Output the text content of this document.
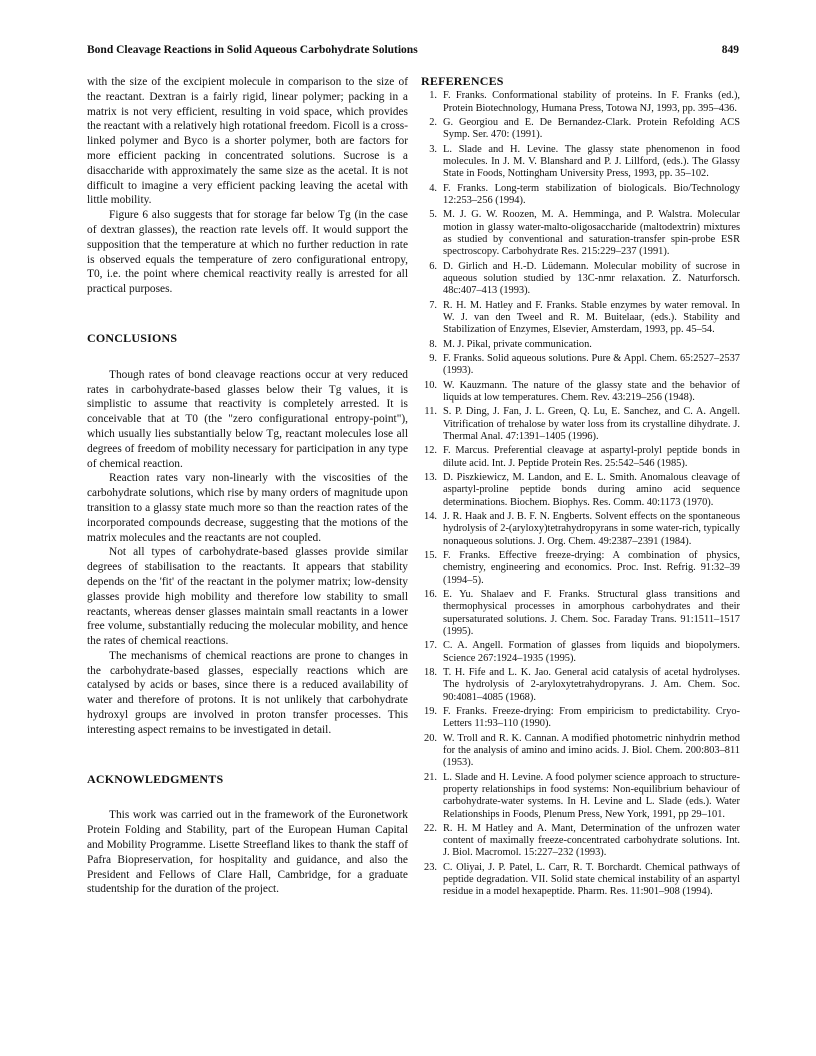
Bond Cleavage Reactions in Solid Aqueous Carbohydrate Solutions	849

with the size of the excipient molecule in comparison to the size of the reactant. Dextran is a fairly rigid, linear polymer; packing in a matrix is not very efficient, resulting in void space, which provides the reactant with a relatively high rotational freedom. Ficoll is a cross-linked polymer and Byco is a shorter polymer, both are factors for more efficient packing in concentrated solutions. Sucrose is a disaccharide with approximately the same size as the acetal. It is not difficult to imagine a very efficient packing leaving the acetal with little mobility.

Figure 6 also suggests that for storage far below Tg (in the case of dextran glasses), the reaction rate levels off. It would support the supposition that the temperature at which no further reduction in rate is observed equals the temperature of zero configurational entropy, T0, i.e. the point where chemical reactivity really is arrested for all practical purposes.

CONCLUSIONS

Though rates of bond cleavage reactions occur at very reduced rates in carbohydrate-based glasses below their Tg values, it is simplistic to assume that reactivity is completely arrested. It is conceivable that at T0 (the "zero configurational entropy-point"), which usually lies substantially below Tg, reactant molecules lose all degrees of freedom of mobility necessary for participation in any type of chemical reaction.

Reaction rates vary non-linearly with the viscosities of the carbohydrate solutions, which rise by many orders of magnitude upon transition to a glassy state much more so than the reaction rates of the incorporated compounds decrease, suggesting that the motions of the matrix molecules and the reactants are not coupled.

Not all types of carbohydrate-based glasses provide similar degrees of stabilisation to the reactants. It appears that stability depends on the 'fit' of the reactant in the polymer matrix; low-density glasses provide high mobility and therefore low stability to small reactants, whereas denser glasses maintain small reactants in a lower free volume, substantially reducing the molecular mobility, and hence the rates of chemical reactions.

The mechanisms of chemical reactions are prone to changes in the carbohydrate-based glasses, especially reactions which are catalysed by acids or bases, since there is a reduced availability of water and therefore of protons. It is not unlikely that carbohydrate hydroxyl groups are involved in proton transfer processes. This interesting aspect remains to be investigated in detail.

ACKNOWLEDGMENTS

This work was carried out in the framework of the Euronetwork Protein Folding and Stability, part of the European Human Capital and Mobility Programme. Lisette Streefland likes to thank the staff of Pafra Biopreservation, for hospitality and guidance, and also the President and Fellows of Clare Hall, Cambridge, for a graduate studentship for the duration of the project.

REFERENCES
1. F. Franks. Conformational stability of proteins. In F. Franks (ed.), Protein Biotechnology, Humana Press, Totowa NJ, 1993, pp. 395–436.
2. G. Georgiou and E. De Bernandez-Clark. Protein Refolding ACS Symp. Ser. 470: (1991).
3. L. Slade and H. Levine. The glassy state phenomenon in food molecules. In J. M. V. Blanshard and P. J. Lillford, (eds.). The Glassy State in Foods, Nottingham University Press, 1993, pp. 35–102.
4. F. Franks. Long-term stabilization of biologicals. Bio/Technology 12:253–256 (1994).
5. M. J. G. W. Roozen, M. A. Hemminga, and P. Walstra. Molecular motion in glassy water-malto-oligosaccharide (maltodextrin) mixtures as studied by conventional and saturation-transfer spin-probe ESR spectroscopy. Carbohydrate Res. 215:229–237 (1991).
6. D. Girlich and H.-D. Lüdemann. Molecular mobility of sucrose in aqueous solution studied by 13C-nmr relaxation. Z. Naturforsch. 48c:407–413 (1993).
7. R. H. M. Hatley and F. Franks. Stable enzymes by water removal. In W. J. van den Tweel and R. M. Buitelaar, (eds.). Stability and Stabilization of Enzymes, Elsevier, Amsterdam, 1993, pp. 45–54.
8. M. J. Pikal, private communication.
9. F. Franks. Solid aqueous solutions. Pure & Appl. Chem. 65:2527–2537 (1993).
10. W. Kauzmann. The nature of the glassy state and the behavior of liquids at low temperatures. Chem. Rev. 43:219–256 (1948).
11. S. P. Ding, J. Fan, J. L. Green, Q. Lu, E. Sanchez, and C. A. Angell. Vitrification of trehalose by water loss from its crystalline dihydrate. J. Thermal Anal. 47:1391–1405 (1996).
12. F. Marcus. Preferential cleavage at aspartyl-prolyl peptide bonds in dilute acid. Int. J. Peptide Protein Res. 25:542–546 (1985).
13. D. Piszkiewicz, M. Landon, and E. L. Smith. Anomalous cleavage of aspartyl-proline peptide bonds during amino acid sequence determinations. Biochem. Biophys. Res. Comm. 40:1173 (1970).
14. J. R. Haak and J. B. F. N. Engberts. Solvent effects on the spontaneous hydrolysis of 2-(aryloxy)tetrahydropyrans in some water-rich, typically nonaqueous solutions. J. Org. Chem. 49:2387–2391 (1984).
15. F. Franks. Effective freeze-drying: A combination of physics, chemistry, engineering and economics. Proc. Inst. Refrig. 91:32–39 (1994–5).
16. E. Yu. Shalaev and F. Franks. Structural glass transitions and thermophysical processes in amorphous carbohydrates and their supersaturated solutions. J. Chem. Soc. Faraday Trans. 91:1511–1517 (1995).
17. C. A. Angell. Formation of glasses from liquids and biopolymers. Science 267:1924–1935 (1995).
18. T. H. Fife and L. K. Jao. General acid catalysis of acetal hydrolyses. The hydrolysis of 2-aryloxytetrahydropyrans. J. Am. Chem. Soc. 90:4081–4085 (1968).
19. F. Franks. Freeze-drying: From empiricism to predictability. Cryo-Letters 11:93–110 (1990).
20. W. Troll and R. K. Cannan. A modified photometric ninhydrin method for the analysis of amino and imino acids. J. Biol. Chem. 200:803–811 (1953).
21. L. Slade and H. Levine. A food polymer science approach to structure-property relationships in food systems: Non-equilibrium behaviour of carbohydrate-water systems. In H. Levine and L. Slade (eds.). Water Relationships in Foods, Plenum Press, New York, 1991, pp 29–101.
22. R. H. M Hatley and A. Mant, Determination of the unfrozen water content of maximally freeze-concentrated carbohydrate solutions. Int. J. Biol. Macromol. 15:227–232 (1993).
23. C. Oliyai, J. P. Patel, L. Carr, R. T. Borchardt. Chemical pathways of peptide degradation. VII. Solid state chemical instability of an aspartyl residue in a model hexapeptide. Pharm. Res. 11:901–908 (1994).
